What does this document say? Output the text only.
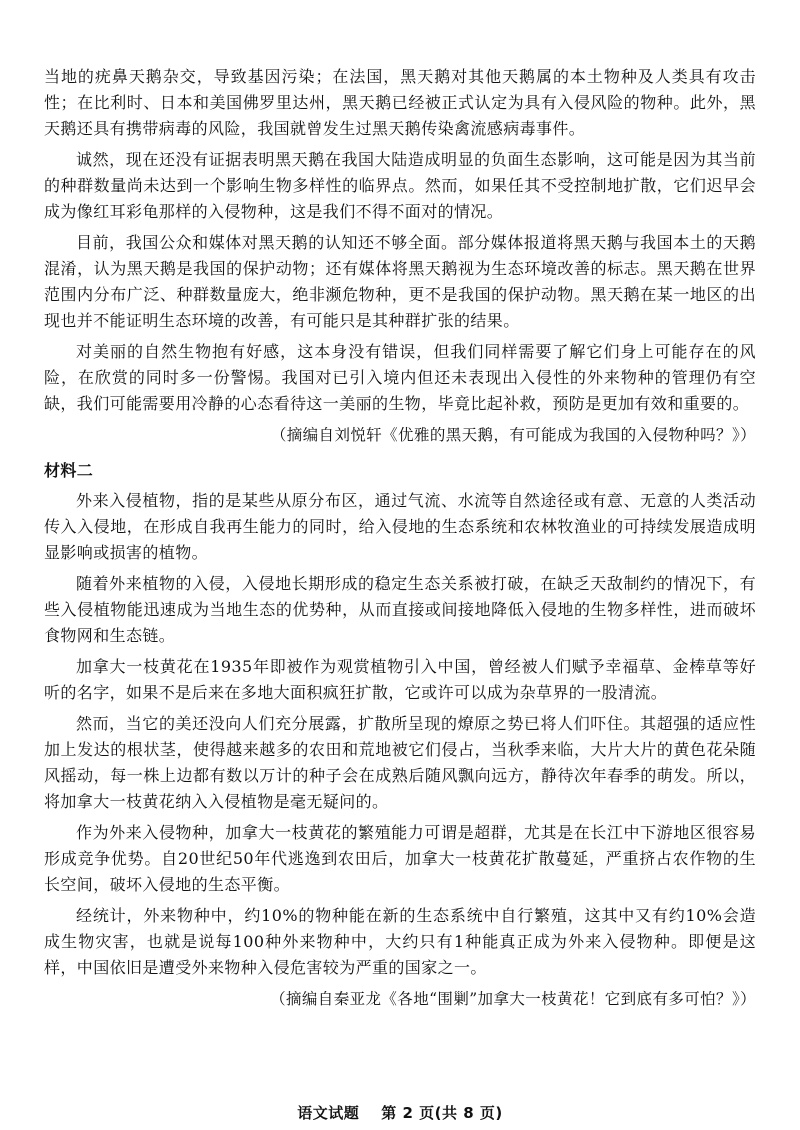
当地的疣鼻天鹅杂交，导致基因污染；在法国，黑天鹅对其他天鹅属的本土物种及人类具有攻击性；在比利时、日本和美国佛罗里达州，黑天鹅已经被正式认定为具有入侵风险的物种。此外，黑天鹅还具有携带病毒的风险，我国就曾发生过黑天鹅传染禽流感病毒事件。

诚然，现在还没有证据表明黑天鹅在我国大陆造成明显的负面生态影响，这可能是因为其当前的种群数量尚未达到一个影响生物多样性的临界点。然而，如果任其不受控制地扩散，它们迟早会成为像红耳彩龟那样的入侵物种，这是我们不得不面对的情况。

目前，我国公众和媒体对黑天鹅的认知还不够全面。部分媒体报道将黑天鹅与我国本土的天鹅混淆，认为黑天鹅是我国的保护动物；还有媒体将黑天鹅视为生态环境改善的标志。黑天鹅在世界范围内分布广泛、种群数量庞大，绝非濒危物种，更不是我国的保护动物。黑天鹅在某一地区的出现也并不能证明生态环境的改善，有可能只是其种群扩张的结果。

对美丽的自然生物抱有好感，这本身没有错误，但我们同样需要了解它们身上可能存在的风险，在欣赏的同时多一份警惕。我国对已引入境内但还未表现出入侵性的外来物种的管理仍有空缺，我们可能需要用冷静的心态看待这一美丽的生物，毕竟比起补救，预防是更加有效和重要的。

（摘编自刘悦轩《优雅的黑天鹅，有可能成为我国的入侵物种吗？》）

材料二

外来入侵植物，指的是某些从原分布区，通过气流、水流等自然途径或有意、无意的人类活动传入入侵地，在形成自我再生能力的同时，给入侵地的生态系统和农林牧渔业的可持续发展造成明显影响或损害的植物。

随着外来植物的入侵，入侵地长期形成的稳定生态关系被打破，在缺乏天敌制约的情况下，有些入侵植物能迅速成为当地生态的优势种，从而直接或间接地降低入侵地的生物多样性，进而破坏食物网和生态链。

加拿大一枝黄花在1935年即被作为观赏植物引入中国，曾经被人们赋予幸福草、金棒草等好听的名字，如果不是后来在多地大面积疯狂扩散，它或许可以成为杂草界的一股清流。

然而，当它的美还没向人们充分展露，扩散所呈现的燎原之势已将人们吓住。其超强的适应性加上发达的根状茎，使得越来越多的农田和荒地被它们侵占，当秋季来临，大片大片的黄色花朵随风摇动，每一株上边都有数以万计的种子会在成熟后随风飘向远方，静待次年春季的萌发。所以，将加拿大一枝黄花纳入入侵植物是毫无疑问的。

作为外来入侵物种，加拿大一枝黄花的繁殖能力可谓是超群，尤其是在长江中下游地区很容易形成竞争优势。自20世纪50年代逃逸到农田后，加拿大一枝黄花扩散蔓延，严重挤占农作物的生长空间，破坏入侵地的生态平衡。

经统计，外来物种中，约10%的物种能在新的生态系统中自行繁殖，这其中又有约10%会造成生物灾害，也就是说每100种外来物种中，大约只有1种能真正成为外来入侵物种。即便是这样，中国依旧是遭受外来物种入侵危害较为严重的国家之一。

（摘编自秦亚龙《各地“围剿”加拿大一枝黄花！它到底有多可怕？》）

语文试题 第 2 页(共 8 页)
